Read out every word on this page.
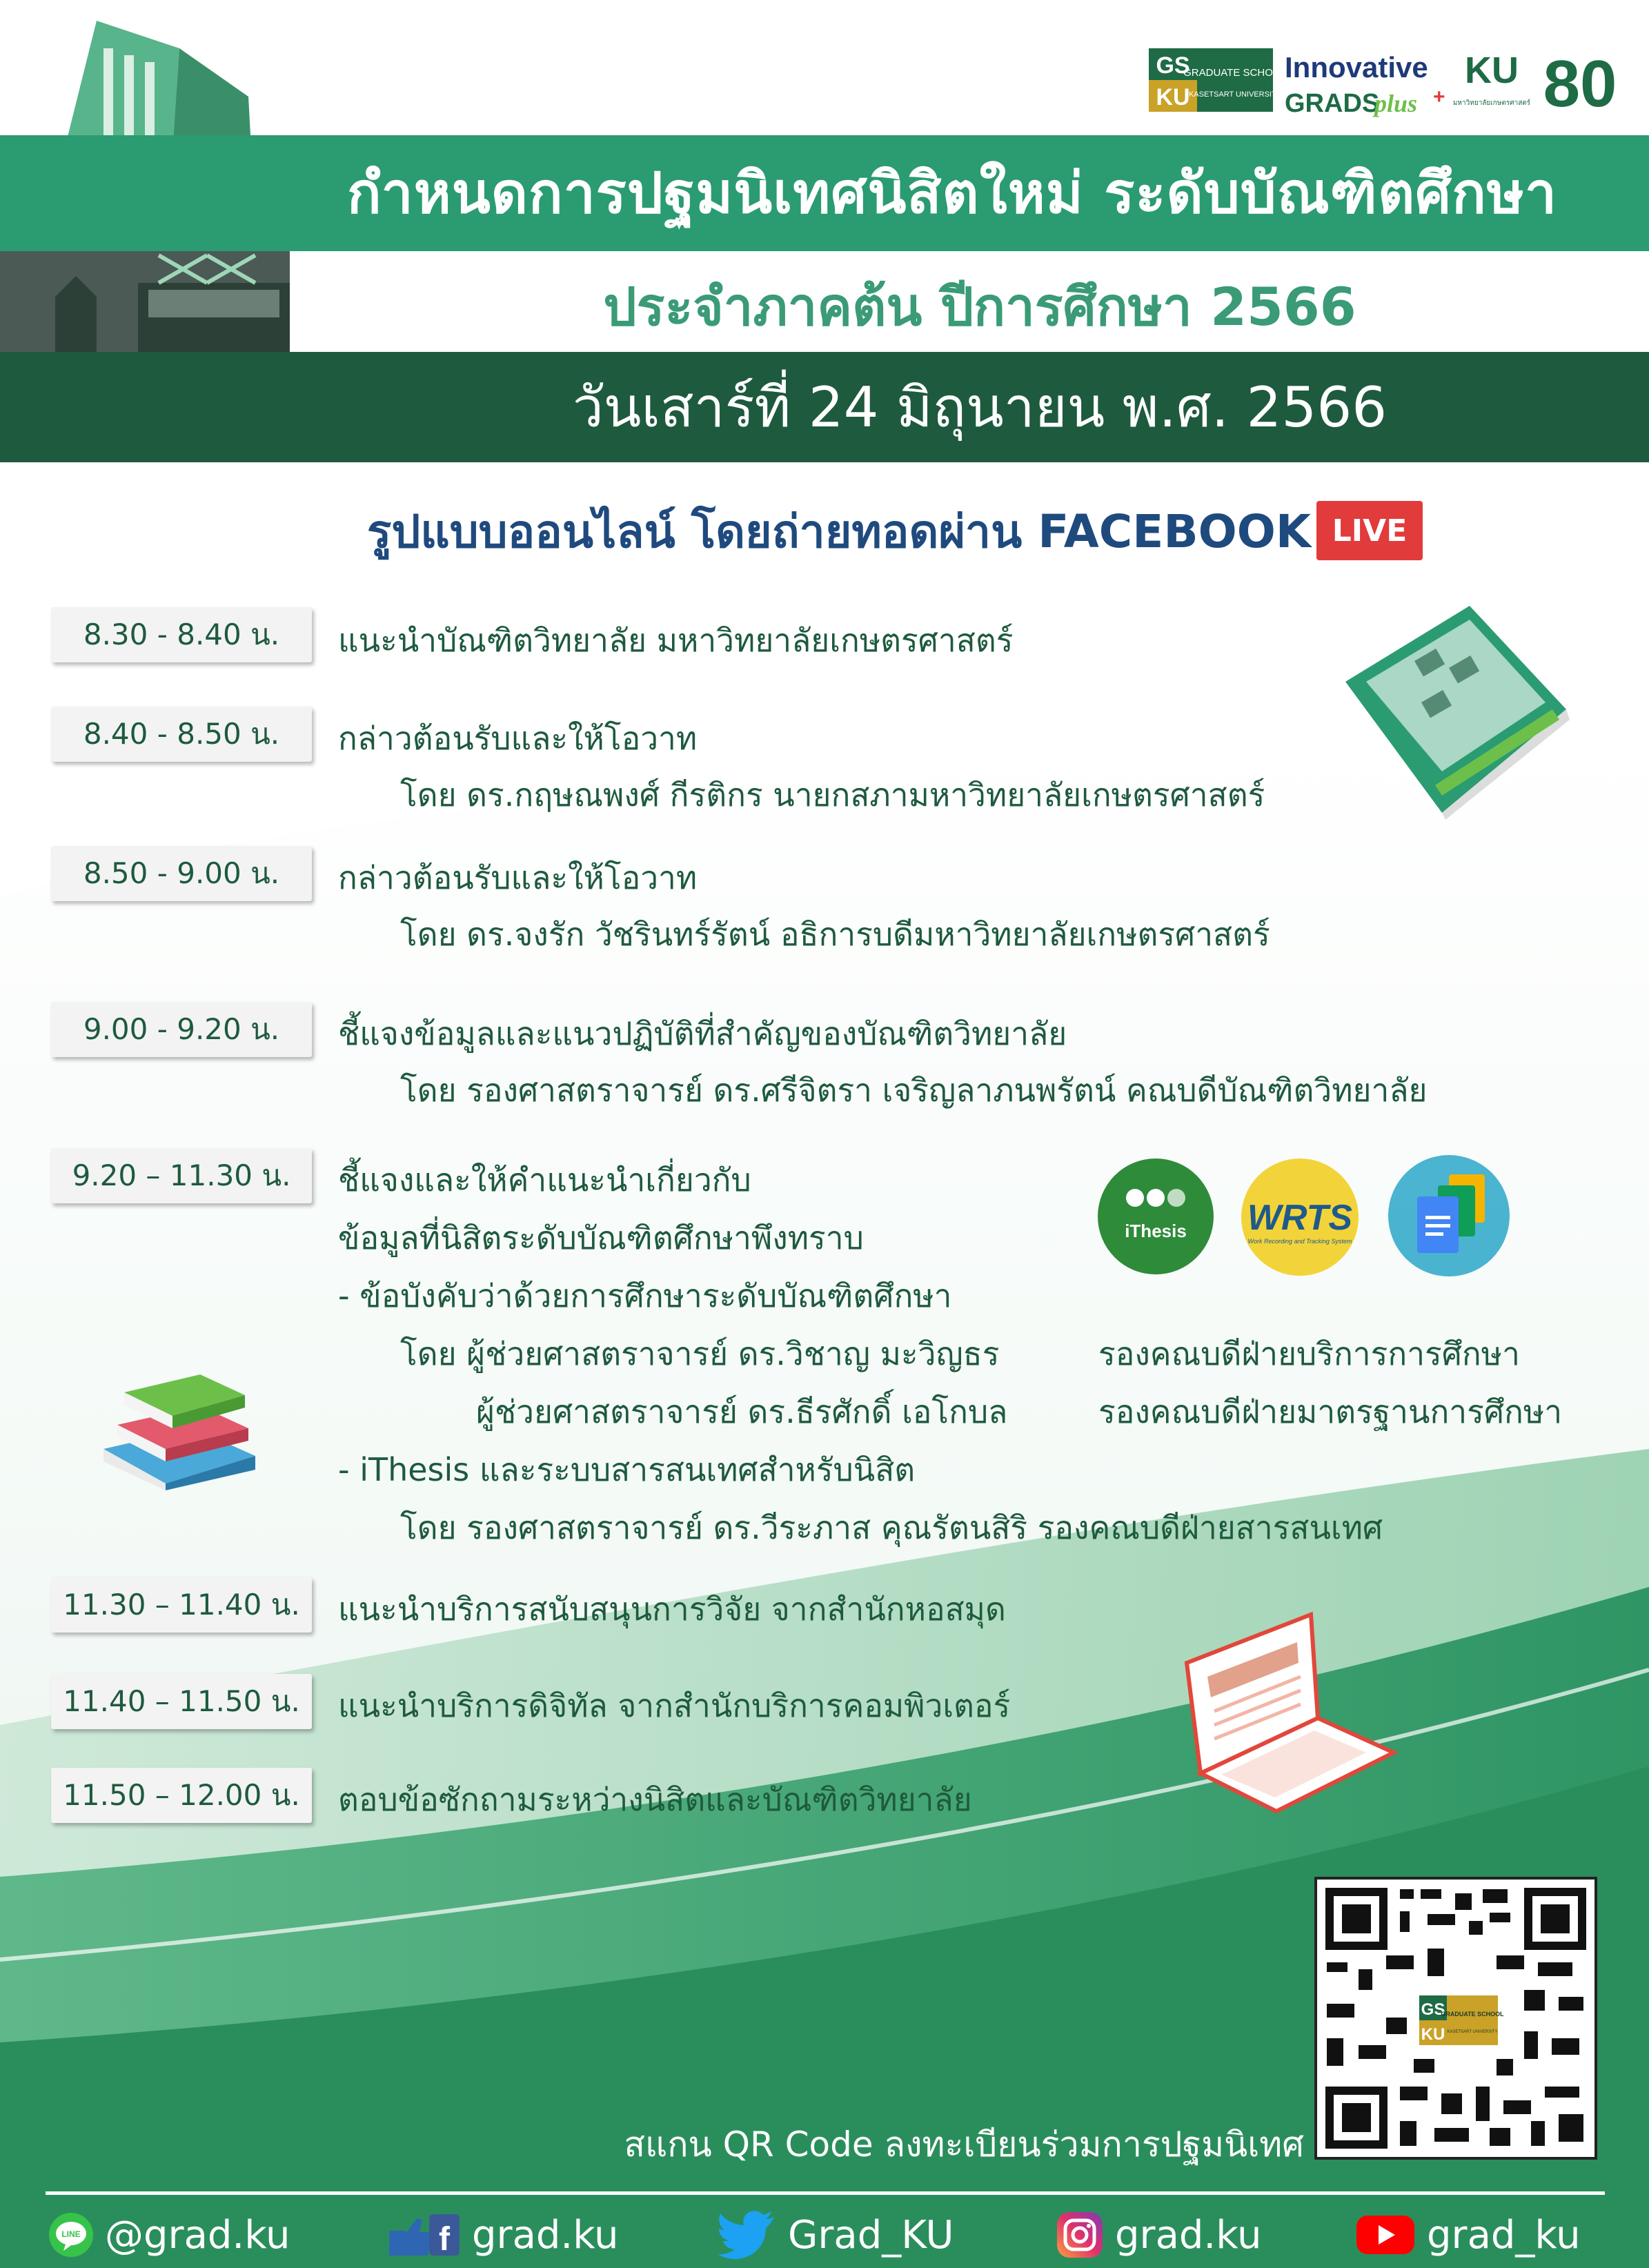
GS
KU
GRADUATE SCHOOL
KASETSART UNIVERSITY
Innovative
GRADS
plus +
KU
มหาวิทยาลัยเกษตรศาสตร์ 80
กำหนดการปฐมนิเทศนิสิตใหม่ ระดับบัณฑิตศึกษา
ประจำภาคต้น ปีการศึกษา 2566
วันเสาร์ที่ 24 มิถุนายน พ.ศ. 2566
รูปแบบออนไลน์ โดยถ่ายทอดผ่าน FACEBOOK LIVE
8.30 - 8.40 น.	แนะนำบัณฑิตวิทยาลัย มหาวิทยาลัยเกษตรศาสตร์
8.40 - 8.50 น.	กล่าวต้อนรับและให้โอวาท
โดย ดร.กฤษณพงศ์ กีรติกร นายกสภามหาวิทยาลัยเกษตรศาสตร์
8.50 - 9.00 น.	กล่าวต้อนรับและให้โอวาท
โดย ดร.จงรัก วัชรินทร์รัตน์ อธิการบดีมหาวิทยาลัยเกษตรศาสตร์
9.00 - 9.20 น.	ชี้แจงข้อมูลและแนวปฏิบัติที่สำคัญของบัณฑิตวิทยาลัย
โดย รองศาสตราจารย์ ดร.ศรีจิตรา เจริญลาภนพรัตน์ คณบดีบัณฑิตวิทยาลัย
9.20 – 11.30 น.	ชี้แจงและให้คำแนะนำเกี่ยวกับ
ข้อมูลที่นิสิตระดับบัณฑิตศึกษาพึงทราบ
- ข้อบังคับว่าด้วยการศึกษาระดับบัณฑิตศึกษา
โดย ผู้ช่วยศาสตราจารย์ ดร.วิชาญ มะวิญธร	รองคณบดีฝ่ายบริการการศึกษา
ผู้ช่วยศาสตราจารย์ ดร.ธีรศักดิ์ เอโกบล	รองคณบดีฝ่ายมาตรฐานการศึกษา
- iThesis และระบบสารสนเทศสำหรับนิสิต
โดย รองศาสตราจารย์ ดร.วีระภาส คุณรัตนสิริ รองคณบดีฝ่ายสารสนเทศ
11.30 – 11.40 น.	แนะนำบริการสนับสนุนการวิจัย จากสำนักหอสมุด
11.40 – 11.50 น.	แนะนำบริการดิจิทัล จากสำนักบริการคอมพิวเตอร์
11.50 – 12.00 น.	ตอบข้อซักถามระหว่างนิสิตและบัณฑิตวิทยาลัย
iThesis WRTS
Work Recording and Tracking System
GS
KU
GRADUATE SCHOOL
KASETSART UNIVERSITY
สแกน QR Code ลงทะเบียนร่วมการปฐมนิเทศ
LINE @grad.ku	f grad.ku	Grad_KU	grad.ku	grad_ku
